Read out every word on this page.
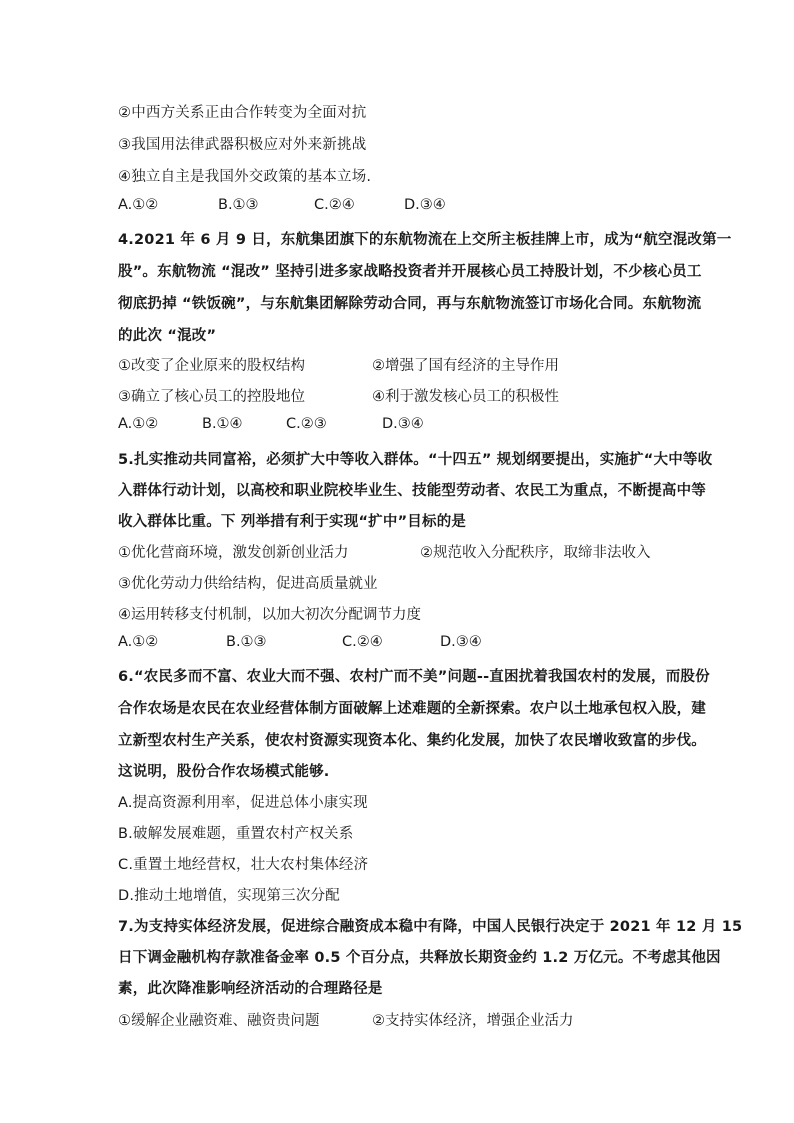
②中西方关系正由合作转变为全面对抗
③我国用法律武器积极应对外来新挑战
④独立自主是我国外交政策的基本立场.
A.①②	B.①③	C.②④	D.③④
4.2021 年 6 月 9 日，东航集团旗下的东航物流在上交所主板挂牌上市，成为“航空混改第一
股”。东航物流 “混改” 坚持引进多家战略投资者并开展核心员工持股计划，不少核心员工
彻底扔掉 “铁饭碗”，与东航集团解除劳动合同，再与东航物流签订市场化合同。东航物流
的此次 “混改”
①改变了企业原来的股权结构	②增强了国有经济的主导作用
③确立了核心员工的控股地位	④利于激发核心员工的积极性
A.①②	B.①④	C.②③	D.③④
5.扎实推动共同富裕，必须扩大中等收入群体。“十四五” 规划纲要提出，实施扩“大中等收
入群体行动计划，以高校和职业院校毕业生、技能型劳动者、农民工为重点，不断提高中等
收入群体比重。下 列举措有利于实现“扩中”目标的是
①优化营商环境，激发创新创业活力	②规范收入分配秩序，取缔非法收入
③优化劳动力供给结构，促进高质量就业
④运用转移支付机制，以加大初次分配调节力度
A.①②	B.①③	C.②④	D.③④
6.“农民多而不富、农业大而不强、农村广而不美”问题--直困扰着我国农村的发展，而股份
合作农场是农民在农业经营体制方面破解上述难题的全新探索。农户以土地承包权入股，建
立新型农村生产关系，使农村资源实现资本化、集约化发展，加快了农民增收致富的步伐。
这说明，股份合作农场模式能够.
A.提高资源利用率，促进总体小康实现
B.破解发展难题，重置农村产权关系
C.重置土地经营权，壮大农村集体经济
D.推动土地增值，实现第三次分配
7.为支持实体经济发展，促进综合融资成本稳中有降，中国人民银行决定于 2021 年 12 月 15
日下调金融机构存款准备金率 0.5 个百分点，共释放长期资金约 1.2 万亿元。不考虑其他因
素，此次降准影响经济活动的合理路径是
①缓解企业融资难、融资贵问题	②支持实体经济，增强企业活力
